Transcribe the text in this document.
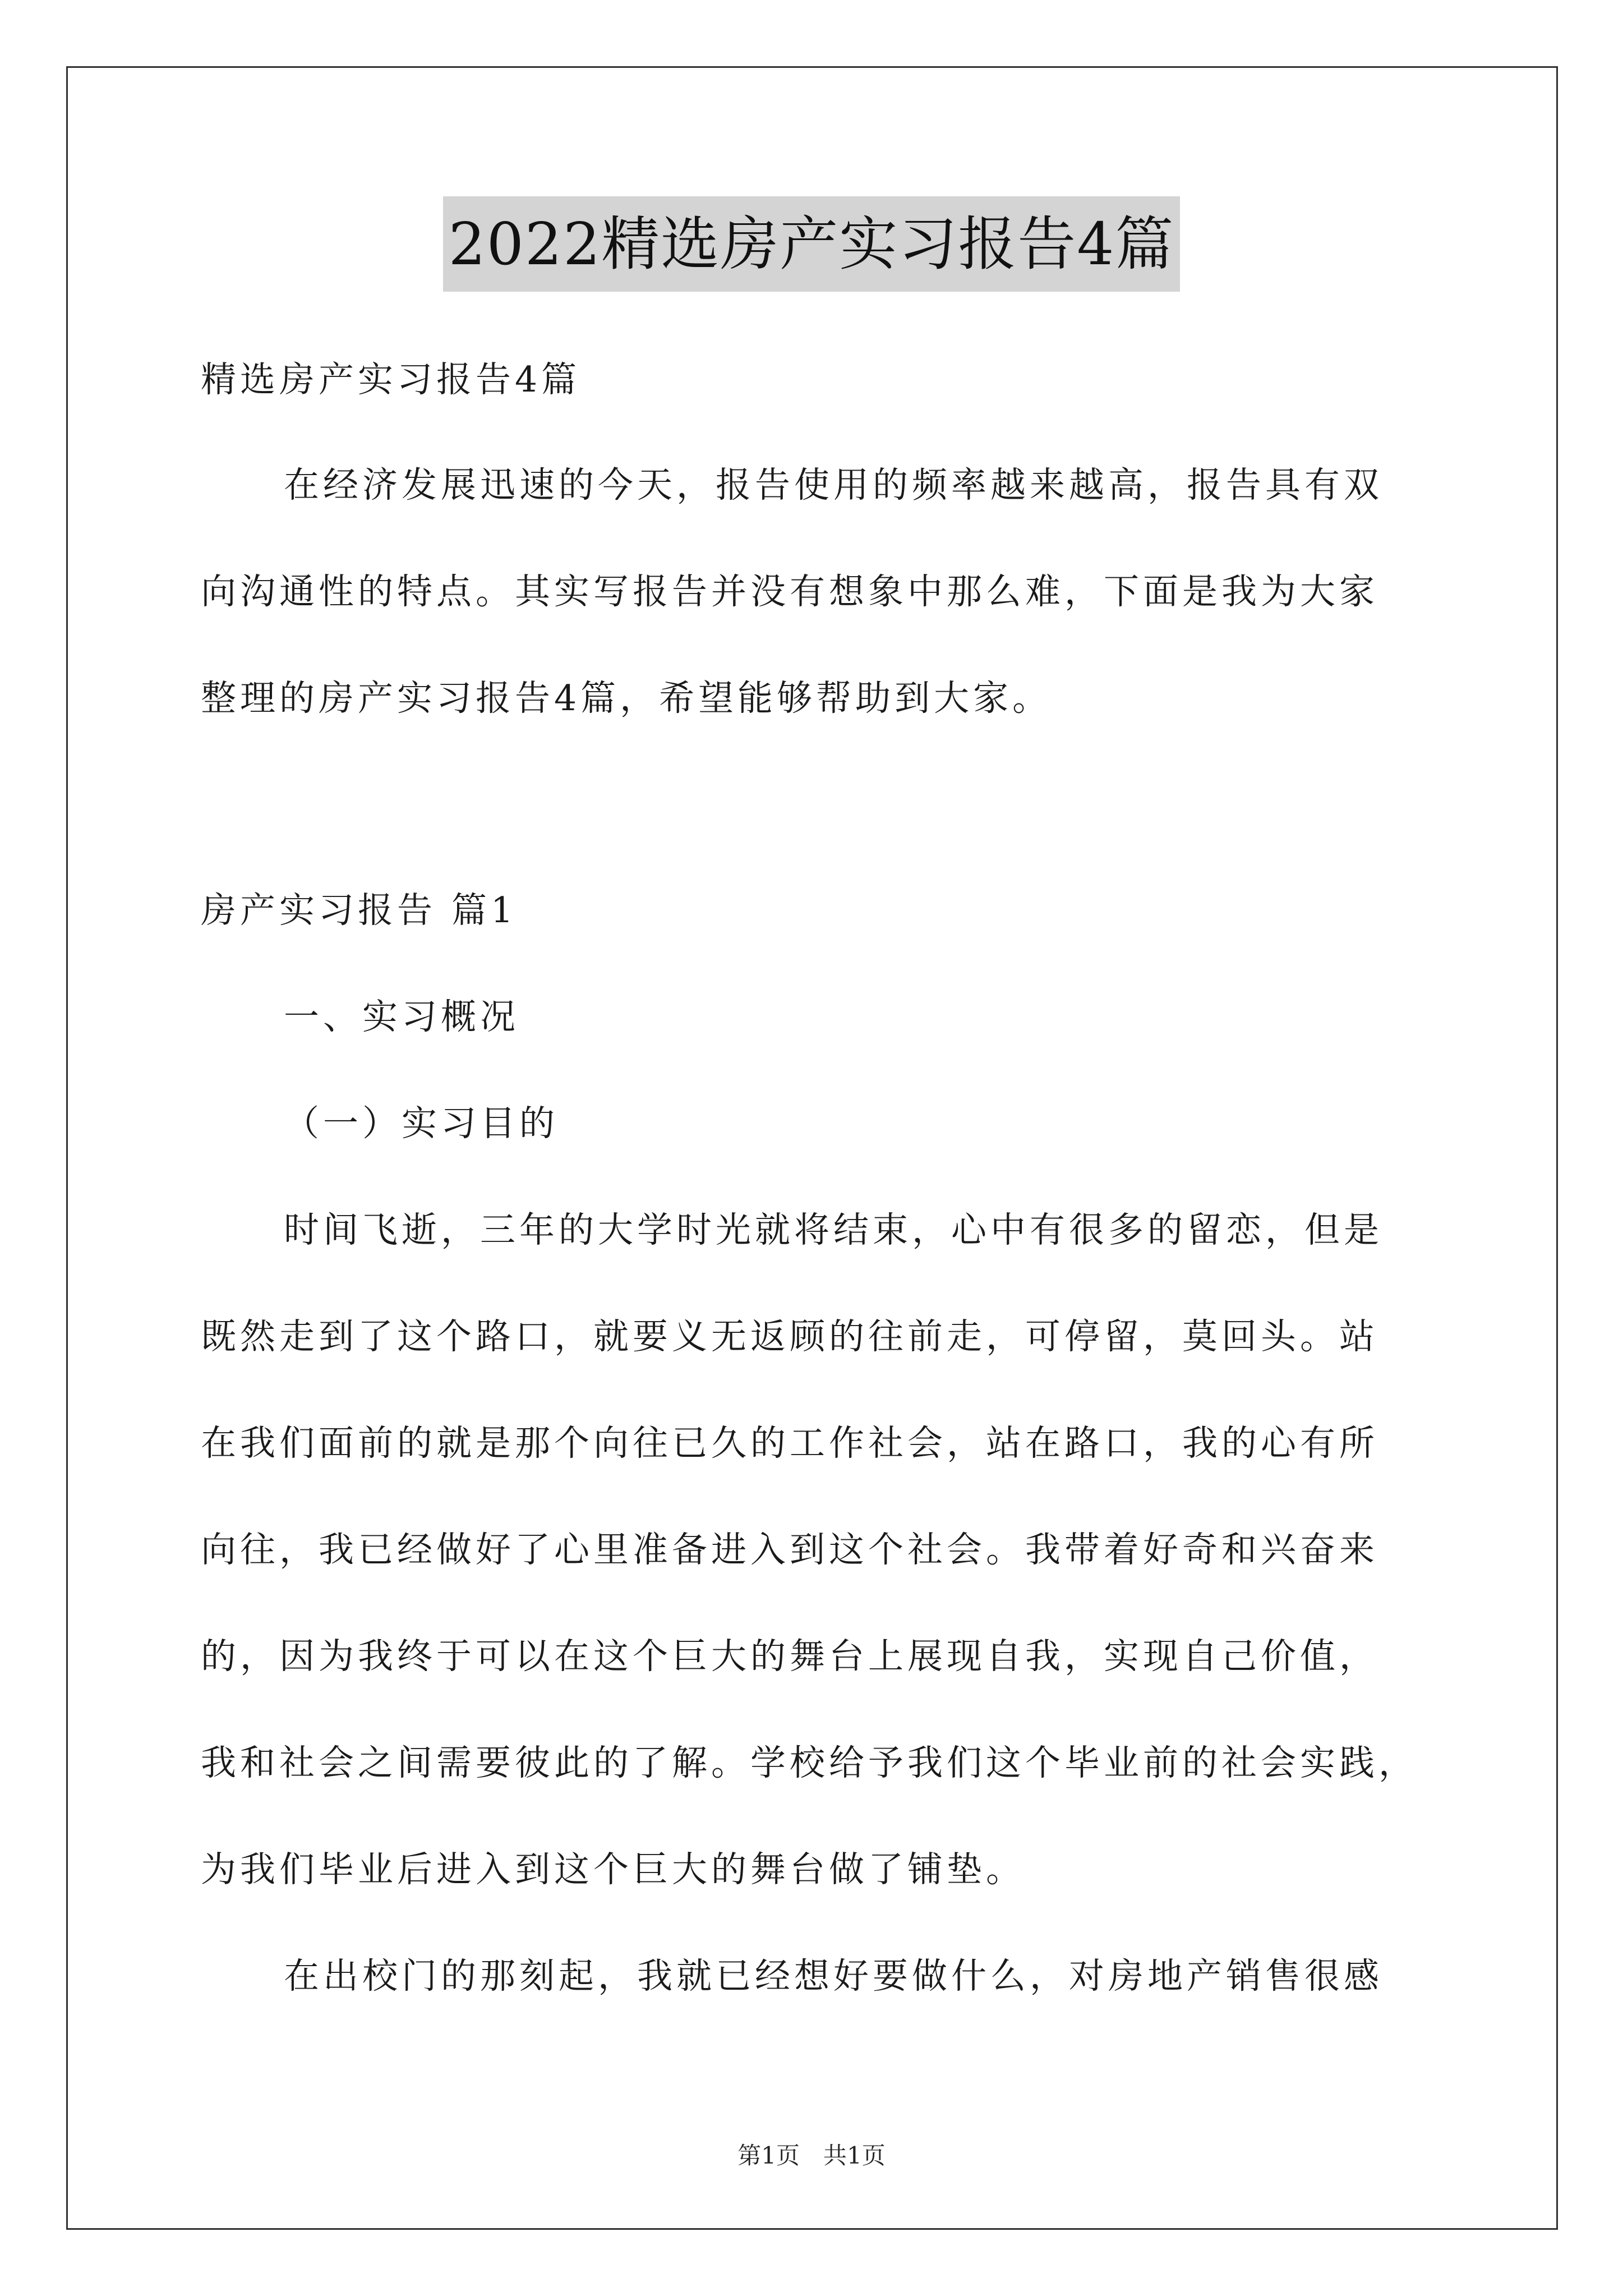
2022精选房产实习报告4篇
精选房产实习报告4篇
在经济发展迅速的今天，报告使用的频率越来越高，报告具有双
向沟通性的特点。其实写报告并没有想象中那么难，下面是我为大家
整理的房产实习报告4篇，希望能够帮助到大家。
房产实习报告 篇1
一、实习概况
（一）实习目的
时间飞逝，三年的大学时光就将结束，心中有很多的留恋，但是
既然走到了这个路口，就要义无返顾的往前走，可停留，莫回头。站
在我们面前的就是那个向往已久的工作社会，站在路口，我的心有所
向往，我已经做好了心里准备进入到这个社会。我带着好奇和兴奋来
的，因为我终于可以在这个巨大的舞台上展现自我，实现自己价值，
我和社会之间需要彼此的了解。学校给予我们这个毕业前的社会实践，
为我们毕业后进入到这个巨大的舞台做了铺垫。
在出校门的那刻起，我就已经想好要做什么，对房地产销售很感
第1页　共1页
